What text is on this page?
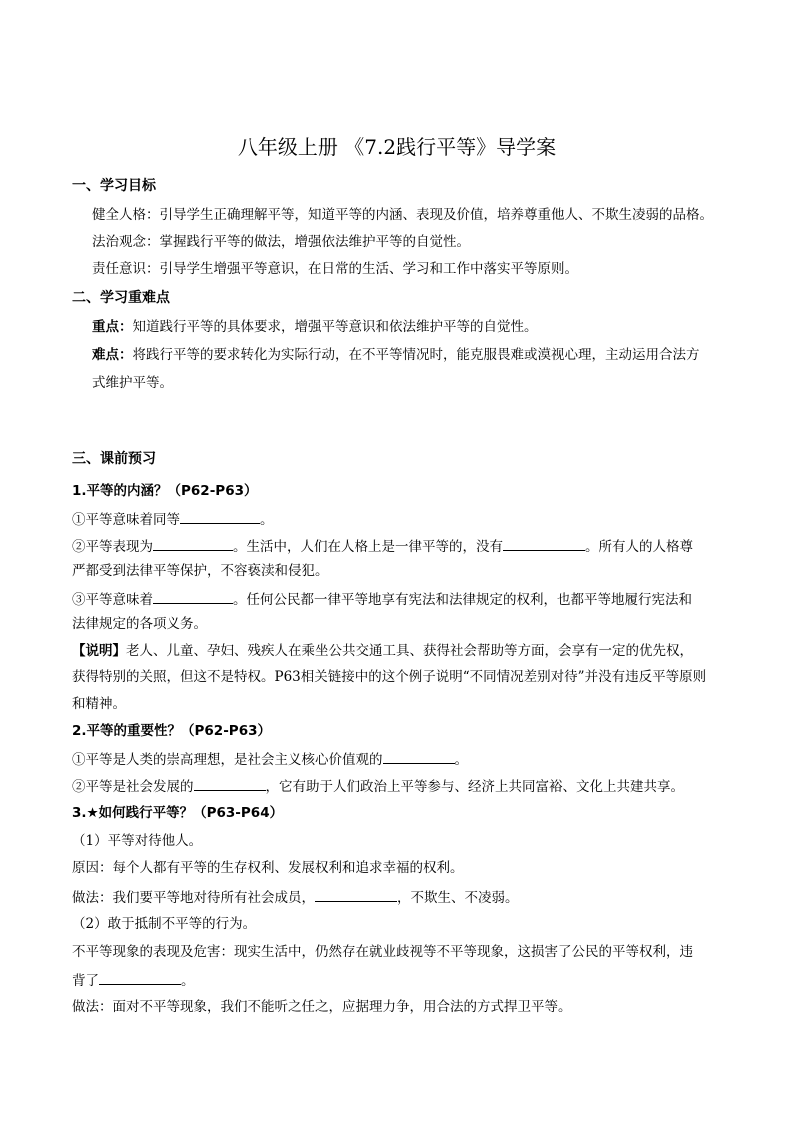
八年级上册 《7.2践行平等》导学案
一、学习目标
健全人格：引导学生正确理解平等，知道平等的内涵、表现及价值，培养尊重他人、不欺生凌弱的品格。
法治观念：掌握践行平等的做法，增强依法维护平等的自觉性。
责任意识：引导学生增强平等意识，在日常的生活、学习和工作中落实平等原则。
二、学习重难点
重点：知道践行平等的具体要求，增强平等意识和依法维护平等的自觉性。
难点：将践行平等的要求转化为实际行动，在不平等情况时，能克服畏难或漠视心理，主动运用合法方
式维护平等。
三、课前预习
1.平等的内涵？（P62-P63）
①平等意味着同等	。
②平等表现为	。生活中，人们在人格上是一律平等的，没有	。所有人的人格尊
严都受到法律平等保护，不容亵渎和侵犯。
③平等意味着	。任何公民都一律平等地享有宪法和法律规定的权利，也都平等地履行宪法和
法律规定的各项义务。
【说明】老人、儿童、孕妇、残疾人在乘坐公共交通工具、获得社会帮助等方面，会享有一定的优先权，
获得特别的关照，但这不是特权。P63相关链接中的这个例子说明“不同情况差别对待”并没有违反平等原则
和精神。
2.平等的重要性？（P62-P63）
①平等是人类的崇高理想，是社会主义核心价值观的	。
②平等是社会发展的	，它有助于人们政治上平等参与、经济上共同富裕、文化上共建共享。
3.★如何践行平等？（P63-P64）
（1）平等对待他人。
原因：每个人都有平等的生存权利、发展权利和追求幸福的权利。
做法：我们要平等地对待所有社会成员，	，不欺生、不凌弱。
（2）敢于抵制不平等的行为。
不平等现象的表现及危害：现实生活中，仍然存在就业歧视等不平等现象，这损害了公民的平等权利，违
背了	。
做法：面对不平等现象，我们不能听之任之，应据理力争，用合法的方式捍卫平等。
